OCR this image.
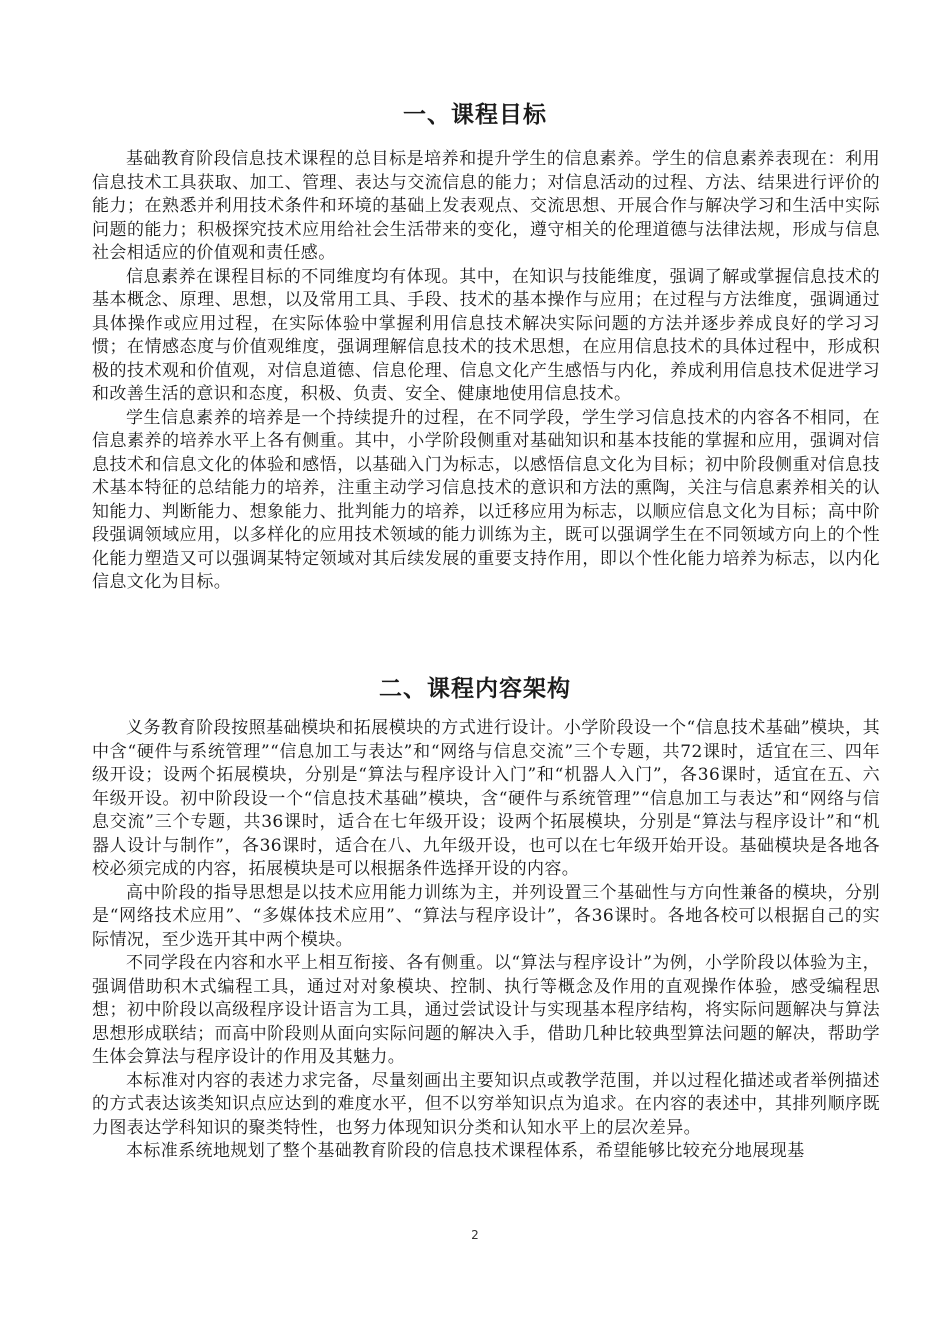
一、课程目标

基础教育阶段信息技术课程的总目标是培养和提升学生的信息素养。学生的信息素养表现在：利用信息技术工具获取、加工、管理、表达与交流信息的能力；对信息活动的过程、方法、结果进行评价的能力；在熟悉并利用技术条件和环境的基础上发表观点、交流思想、开展合作与解决学习和生活中实际问题的能力；积极探究技术应用给社会生活带来的变化，遵守相关的伦理道德与法律法规，形成与信息社会相适应的价值观和责任感。

信息素养在课程目标的不同维度均有体现。其中，在知识与技能维度，强调了解或掌握信息技术的基本概念、原理、思想，以及常用工具、手段、技术的基本操作与应用；在过程与方法维度，强调通过具体操作或应用过程，在实际体验中掌握利用信息技术解决实际问题的方法并逐步养成良好的学习习惯；在情感态度与价值观维度，强调理解信息技术的技术思想，在应用信息技术的具体过程中，形成积极的技术观和价值观，对信息道德、信息伦理、信息文化产生感悟与内化，养成利用信息技术促进学习和改善生活的意识和态度，积极、负责、安全、健康地使用信息技术。

学生信息素养的培养是一个持续提升的过程，在不同学段，学生学习信息技术的内容各不相同，在信息素养的培养水平上各有侧重。其中，小学阶段侧重对基础知识和基本技能的掌握和应用，强调对信息技术和信息文化的体验和感悟，以基础入门为标志，以感悟信息文化为目标；初中阶段侧重对信息技术基本特征的总结能力的培养，注重主动学习信息技术的意识和方法的熏陶，关注与信息素养相关的认知能力、判断能力、想象能力、批判能力的培养，以迁移应用为标志，以顺应信息文化为目标；高中阶段强调领域应用，以多样化的应用技术领域的能力训练为主，既可以强调学生在不同领域方向上的个性化能力塑造又可以强调某特定领域对其后续发展的重要支持作用，即以个性化能力培养为标志，以内化信息文化为目标。

二、课程内容架构

义务教育阶段按照基础模块和拓展模块的方式进行设计。小学阶段设一个“信息技术基础”模块，其中含“硬件与系统管理”“信息加工与表达”和“网络与信息交流”三个专题，共72课时，适宜在三、四年级开设；设两个拓展模块，分别是“算法与程序设计入门”和“机器人入门”，各36课时，适宜在五、六年级开设。初中阶段设一个“信息技术基础”模块，含“硬件与系统管理”“信息加工与表达”和“网络与信息交流”三个专题，共36课时，适合在七年级开设；设两个拓展模块，分别是“算法与程序设计”和“机器人设计与制作”，各36课时，适合在八、九年级开设，也可以在七年级开始开设。基础模块是各地各校必须完成的内容，拓展模块是可以根据条件选择开设的内容。

高中阶段的指导思想是以技术应用能力训练为主，并列设置三个基础性与方向性兼备的模块，分别是“网络技术应用”、“多媒体技术应用”、“算法与程序设计”，各36课时。各地各校可以根据自己的实际情况，至少选开其中两个模块。

不同学段在内容和水平上相互衔接、各有侧重。以“算法与程序设计”为例，小学阶段以体验为主，强调借助积木式编程工具，通过对对象模块、控制、执行等概念及作用的直观操作体验，感受编程思想；初中阶段以高级程序设计语言为工具，通过尝试设计与实现基本程序结构，将实际问题解决与算法思想形成联结；而高中阶段则从面向实际问题的解决入手，借助几种比较典型算法问题的解决，帮助学生体会算法与程序设计的作用及其魅力。

本标准对内容的表述力求完备，尽量刻画出主要知识点或教学范围，并以过程化描述或者举例描述的方式表达该类知识点应达到的难度水平，但不以穷举知识点为追求。在内容的表述中，其排列顺序既力图表达学科知识的聚类特性，也努力体现知识分类和认知水平上的层次差异。

本标准系统地规划了整个基础教育阶段的信息技术课程体系，希望能够比较充分地展现基

2
